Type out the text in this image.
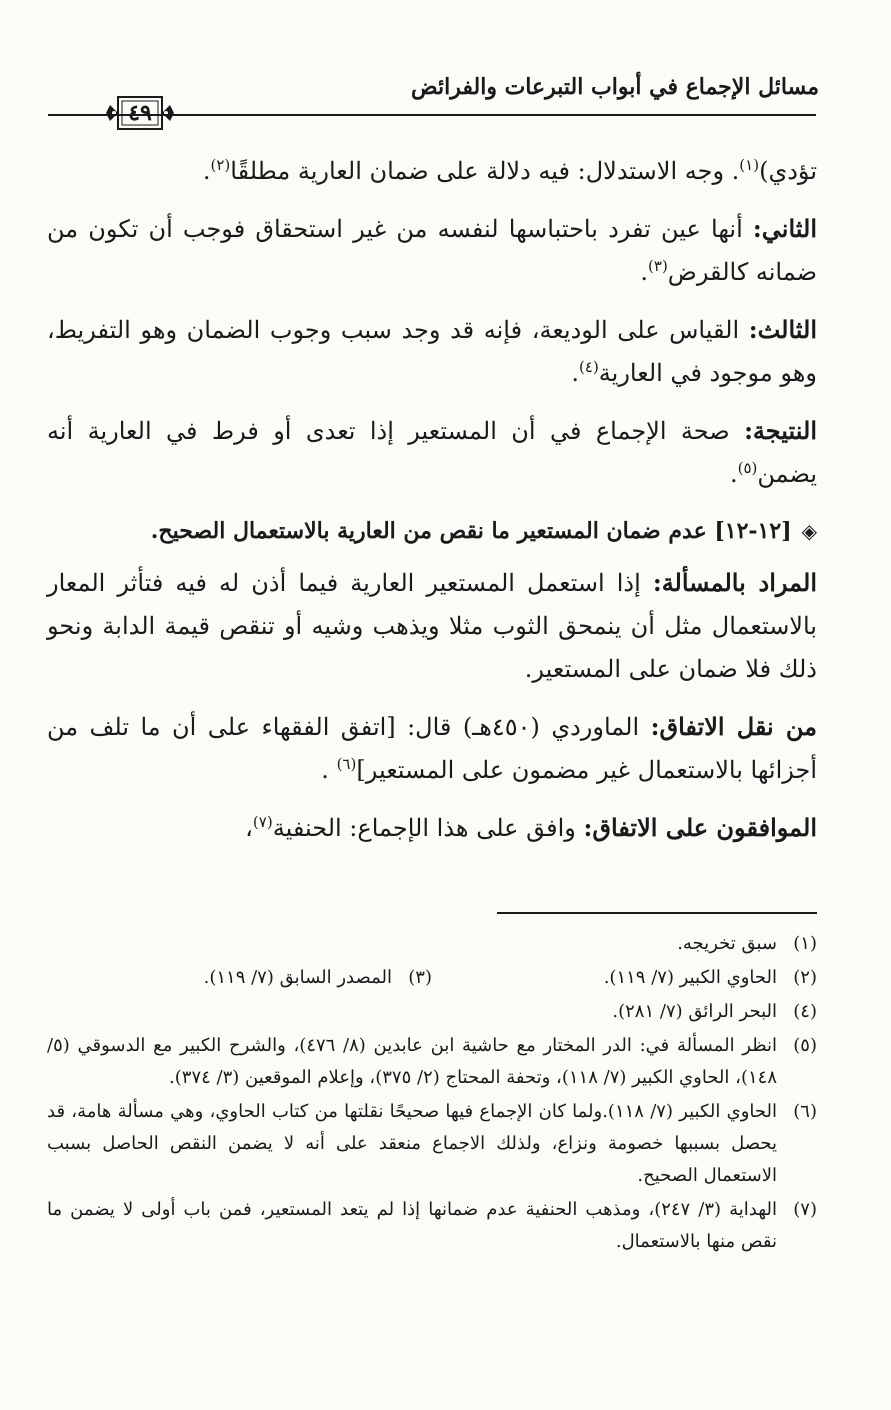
مسائل الإجماع في أبواب التبرعات والفرائض
٤٩

تؤدي)$^{(١)}$. وجه الاستدلال: فيه دلالة على ضمان العارية مطلقًا$^{(٢)}$.

الثاني: أنها عين تفرد باحتباسها لنفسه من غير استحقاق فوجب أن تكون من ضمانه كالقرض$^{(٣)}$.

الثالث: القياس على الوديعة، فإنه قد وجد سبب وجوب الضمان وهو التفريط، وهو موجود في العارية$^{(٤)}$.

النتيجة: صحة الإجماع في أن المستعير إذا تعدى أو فرط في العارية أنه يضمن$^{(٥)}$.

◈[١٢-١٢] عدم ضمان المستعير ما نقص من العارية بالاستعمال الصحيح.

المراد بالمسألة: إذا استعمل المستعير العارية فيما أذن له فيه فتأثر المعار بالاستعمال مثل أن ينمحق الثوب مثلا ويذهب وشيه أو تنقص قيمة الدابة ونحو ذلك فلا ضمان على المستعير.

من نقل الاتفاق: الماوردي (٤٥٠هـ) قال: [اتفق الفقهاء على أن ما تلف من أجزائها بالاستعمال غير مضمون على المستعير]$^{(٦)}$ .

الموافقون على الاتفاق: وافق على هذا الإجماع: الحنفية$^{(٧)}$،

(١)
سبق تخريجه.
(٢)
الحاوي الكبير (٧/ ١١٩).
(٣)
المصدر السابق (٧/ ١١٩).
(٤)
البحر الرائق (٧/ ٢٨١).
(٥)
انظر المسألة في: الدر المختار مع حاشية ابن عابدين (٨/ ٤٧٦)، والشرح الكبير مع الدسوقي (٥/ ١٤٨)، الحاوي الكبير (٧/ ١١٨)، وتحفة المحتاج (٢/ ٣٧٥)، وإعلام الموقعين (٣/ ٣٧٤).
(٦)
الحاوي الكبير (٧/ ١١٨).ولما كان الإجماع فيها صحيحًا نقلتها من كتاب الحاوي، وهي مسألة هامة، قد يحصل بسببها خصومة ونزاع، ولذلك الاجماع منعقد على أنه لا يضمن النقص الحاصل بسبب الاستعمال الصحيح.
(٧)
الهداية (٣/ ٢٤٧)، ومذهب الحنفية عدم ضمانها إذا لم يتعد المستعير، فمن باب أولى لا يضمن ما نقص منها بالاستعمال.
